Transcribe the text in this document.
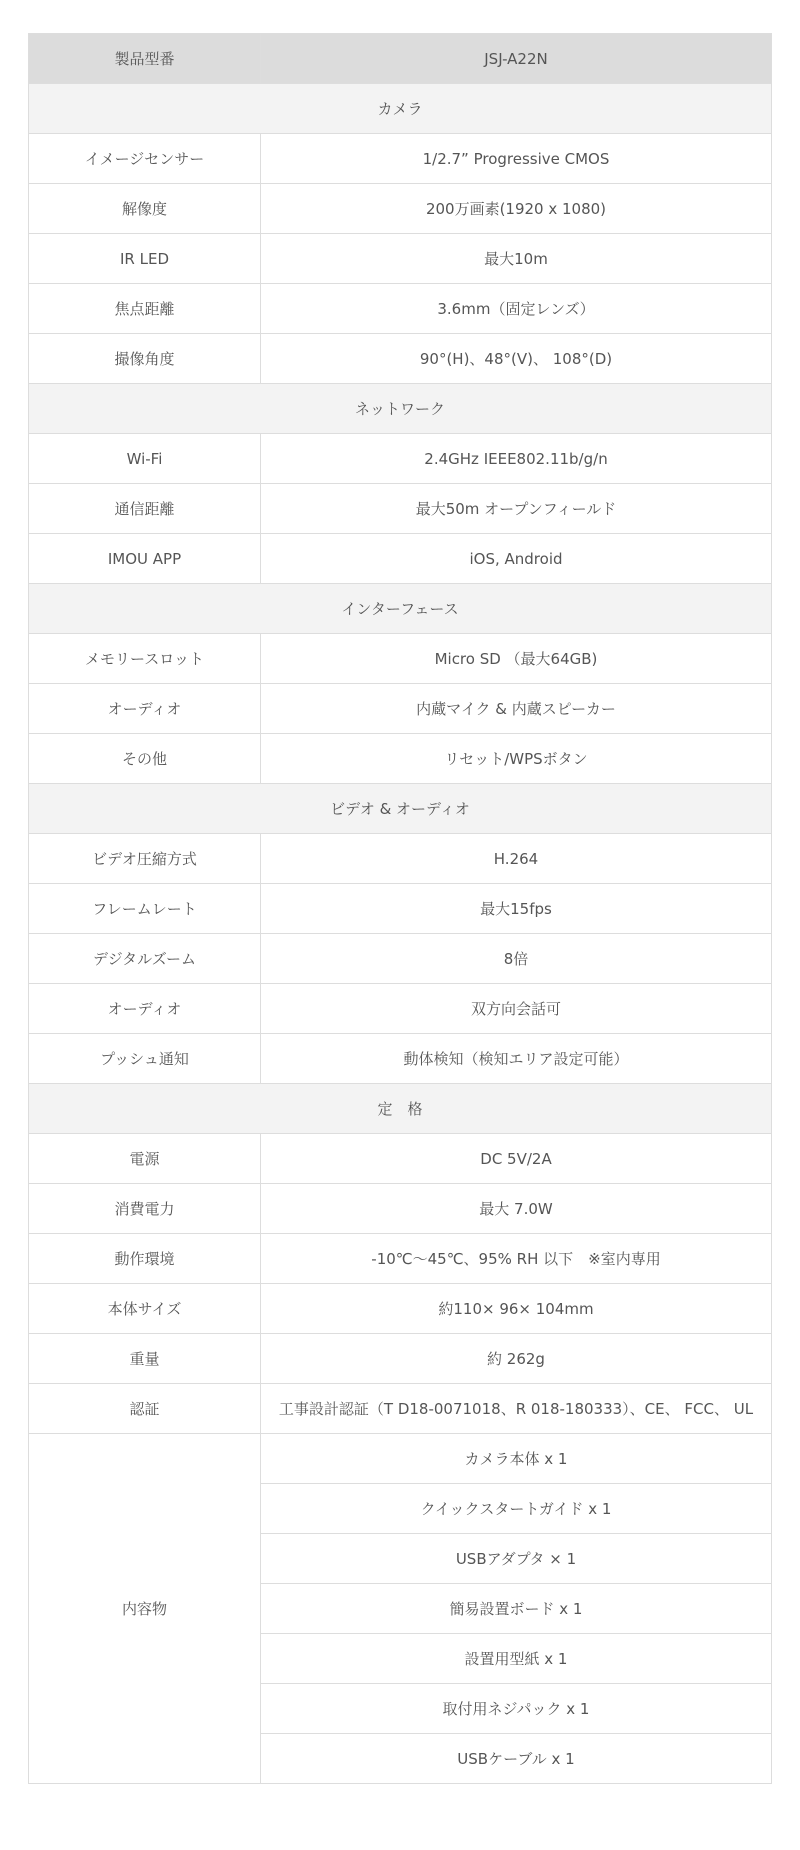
製品型番	JSJ-A22N
カメラ	
イメージセンサー	1/2.7” Progressive CMOS
解像度	200万画素(1920 x 1080)
IR LED	最大10m
焦点距離	3.6mm（固定レンズ）
撮像角度	90°(H)、48°(V)、 108°(D)
ネットワーク	
Wi-Fi	2.4GHz IEEE802.11b/g/n
通信距離	最大50m オープンフィールド
IMOU APP	iOS, Android
インターフェース	
メモリースロット	Micro SD （最大64GB)
オーディオ	内蔵マイク & 内蔵スピーカー
その他	リセット/WPSボタン
ビデオ & オーディオ	
ビデオ圧縮方式	H.264
フレームレート	最大15fps
デジタルズーム	8倍
オーディオ	双方向会話可
プッシュ通知	動体検知（検知エリア設定可能）
定　格	
電源	DC 5V/2A
消費電力	最大 7.0W
動作環境	-10℃～45℃、95% RH 以下　※室内専用
本体サイズ	約110× 96× 104mm
重量	約 262g
認証	工事設計認証（T D18-0071018、R 018-180333）、CE、 FCC、 UL
内容物	カメラ本体 x 1
	クイックスタートガイド x 1
	USBアダプタ × 1
	簡易設置ボード x 1
	設置用型紙 x 1
	取付用ネジパック x 1
	USBケーブル x 1
